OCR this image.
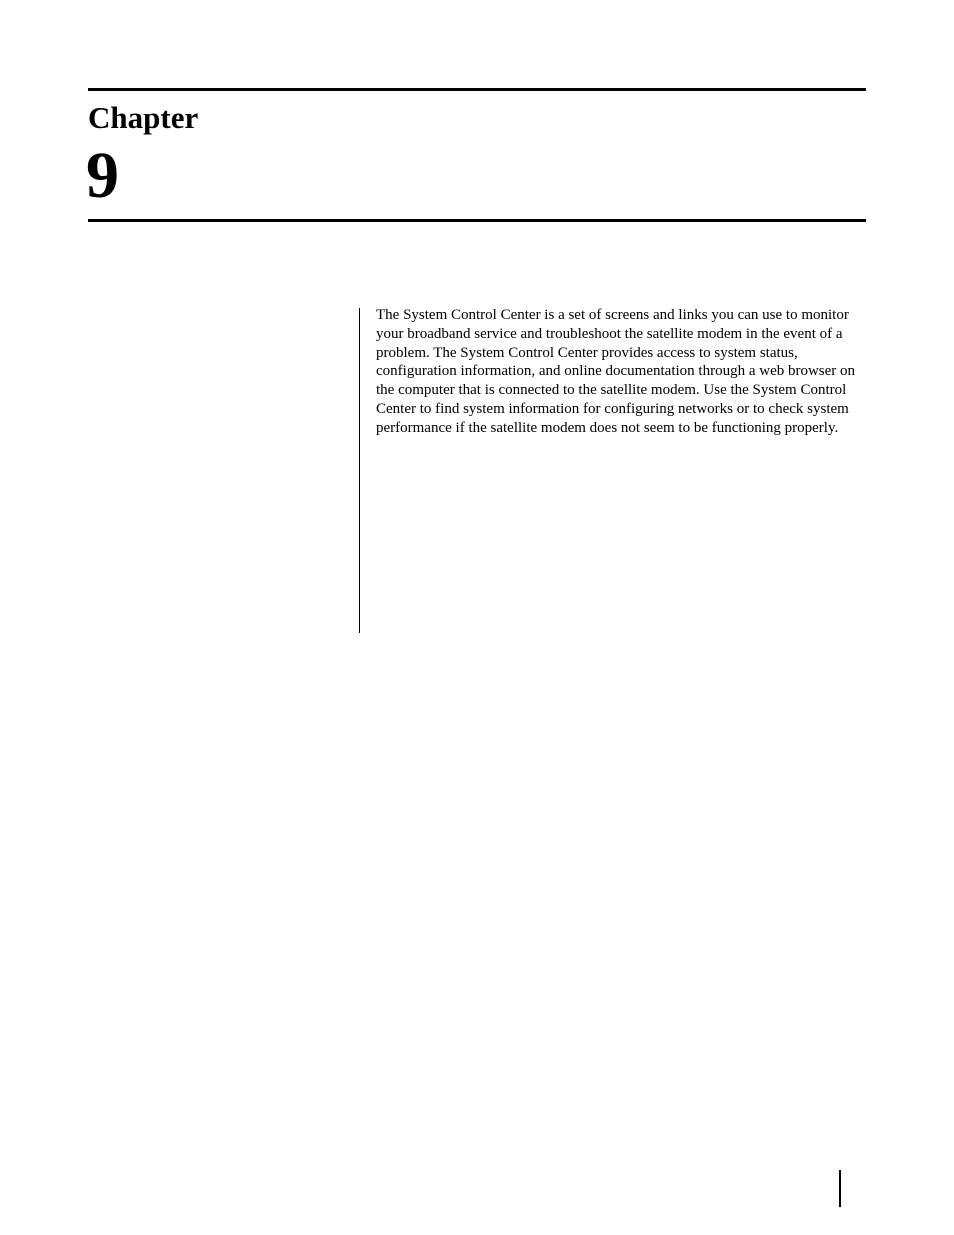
Chapter
9

The System Control Center is a set of screens and links you can use to monitor your broadband service and troubleshoot the satellite modem in the event of a problem. The System Control Center provides access to system status, configuration information, and online documentation through a web browser on the computer that is connected to the satellite modem. Use the System Control Center to find system information for configuring networks or to check system performance if the satellite modem does not seem to be functioning properly.
